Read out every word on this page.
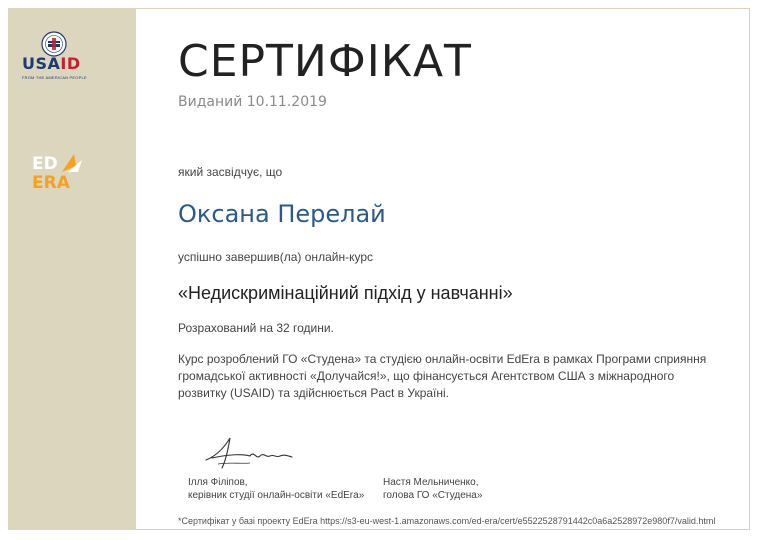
USAID
FROM THE AMERICAN PEOPLE
ED
ERA
СЕРТИФІКАТ
Виданий 10.11.2019
який засвідчує, що
Оксана Перелай
успішно завершив(ла) онлайн-курс
«Недискримінаційний підхід у навчанні»
Розрахований на 32 години.
Курс розроблений ГО «Студена» та студією онлайн-освіти EdEra в рамках Програми сприяння
громадської активності «Долучайся!», що фінансується Агентством США з міжнародного
розвитку (USAID) та здійснюється Pact в Україні.
Ілля Філіпов,
керівник студії онлайн-освіти «EdEra»
Настя Мельниченко,
голова ГО «Студена»
*Сертифікат у базі проекту EdEra https://s3-eu-west-1.amazonaws.com/ed-era/cert/e5522528791442c0a6a2528972e980f7/valid.html
